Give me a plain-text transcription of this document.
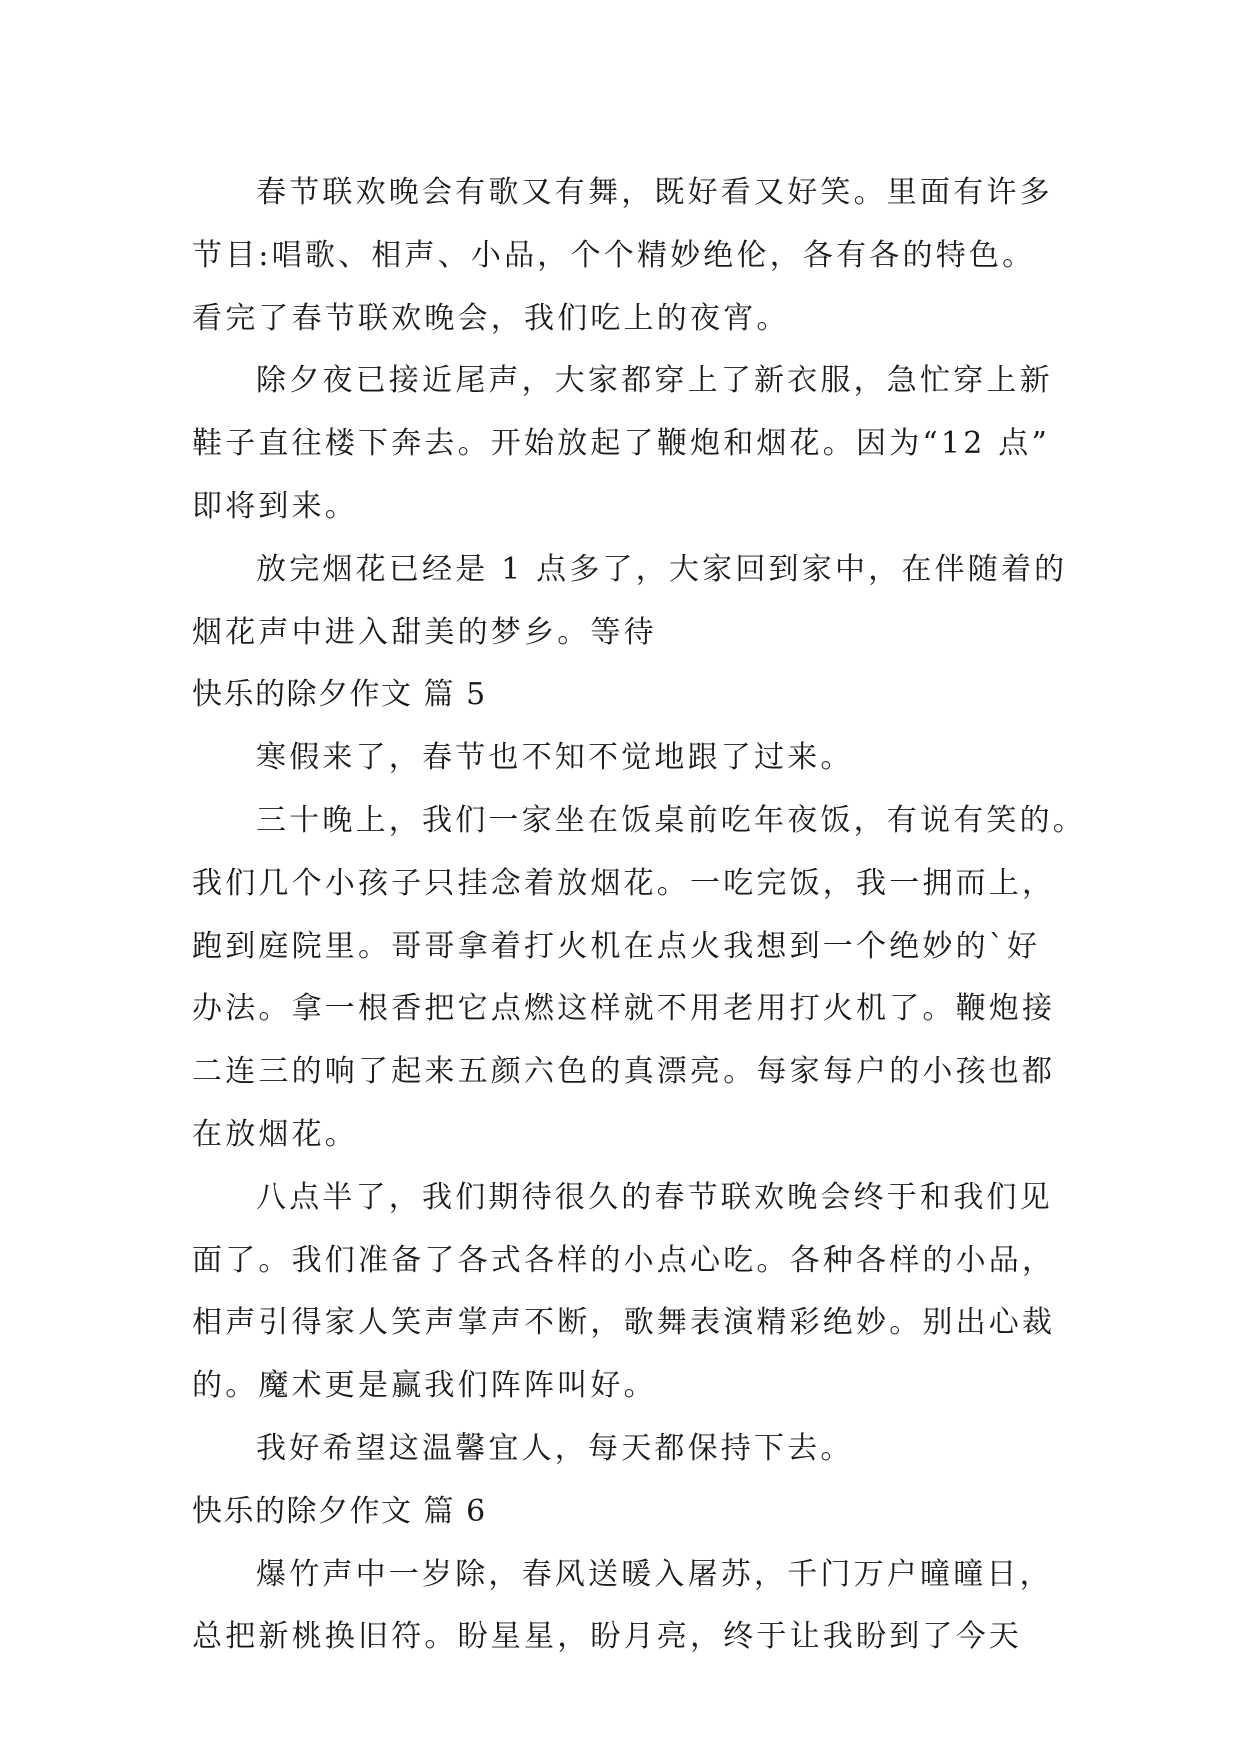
春节联欢晚会有歌又有舞，既好看又好笑。里面有许多
节目:唱歌、相声、小品，个个精妙绝伦，各有各的特色。
看完了春节联欢晚会，我们吃上的夜宵。
除夕夜已接近尾声，大家都穿上了新衣服，急忙穿上新
鞋子直往楼下奔去。开始放起了鞭炮和烟花。因为“12 点”
即将到来。
放完烟花已经是 1 点多了，大家回到家中，在伴随着的
烟花声中进入甜美的梦乡。等待
快乐的除夕作文 篇 5
寒假来了，春节也不知不觉地跟了过来。
三十晚上，我们一家坐在饭桌前吃年夜饭，有说有笑的。
我们几个小孩子只挂念着放烟花。一吃完饭，我一拥而上，
跑到庭院里。哥哥拿着打火机在点火我想到一个绝妙的`好
办法。拿一根香把它点燃这样就不用老用打火机了。鞭炮接
二连三的响了起来五颜六色的真漂亮。每家每户的小孩也都
在放烟花。
八点半了，我们期待很久的春节联欢晚会终于和我们见
面了。我们准备了各式各样的小点心吃。各种各样的小品，
相声引得家人笑声掌声不断，歌舞表演精彩绝妙。别出心裁
的。魔术更是赢我们阵阵叫好。
我好希望这温馨宜人，每天都保持下去。
快乐的除夕作文 篇 6
爆竹声中一岁除，春风送暖入屠苏，千门万户曈曈日，
总把新桃换旧符。盼星星，盼月亮，终于让我盼到了今天
